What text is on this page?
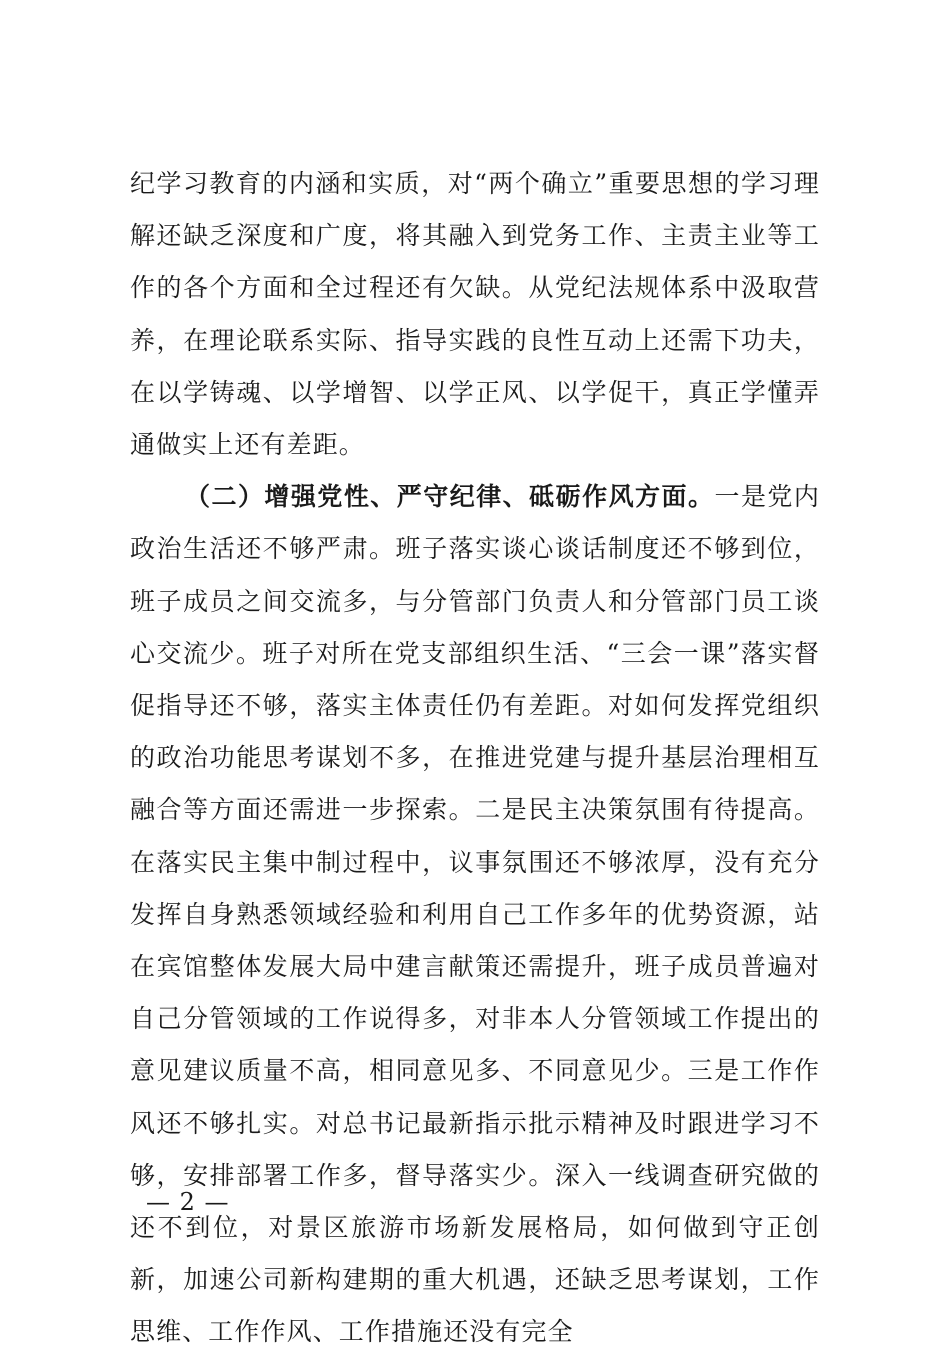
纪学习教育的内涵和实质，对“两个确立”重要思想的学习理解还缺乏深度和广度，将其融入到党务工作、主责主业等工作的各个方面和全过程还有欠缺。从党纪法规体系中汲取营养，在理论联系实际、指导实践的良性互动上还需下功夫，在以学铸魂、以学增智、以学正风、以学促干，真正学懂弄通做实上还有差距。

（二）增强党性、严守纪律、砥砺作风方面。一是党内政治生活还不够严肃。班子落实谈心谈话制度还不够到位，班子成员之间交流多，与分管部门负责人和分管部门员工谈心交流少。班子对所在党支部组织生活、“三会一课”落实督促指导还不够，落实主体责任仍有差距。对如何发挥党组织的政治功能思考谋划不多，在推进党建与提升基层治理相互融合等方面还需进一步探索。二是民主决策氛围有待提高。在落实民主集中制过程中，议事氛围还不够浓厚，没有充分发挥自身熟悉领域经验和利用自己工作多年的优势资源，站在宾馆整体发展大局中建言献策还需提升，班子成员普遍对自己分管领域的工作说得多，对非本人分管领域工作提出的意见建议质量不高，相同意见多、不同意见少。三是工作作风还不够扎实。对总书记最新指示批示精神及时跟进学习不够，安排部署工作多，督导落实少。深入一线调查研究做的还不到位，对景区旅游市场新发展格局，如何做到守正创新，加速公司新构建期的重大机遇，还缺乏思考谋划，工作思维、工作作风、工作措施还没有完全

— 2 —
